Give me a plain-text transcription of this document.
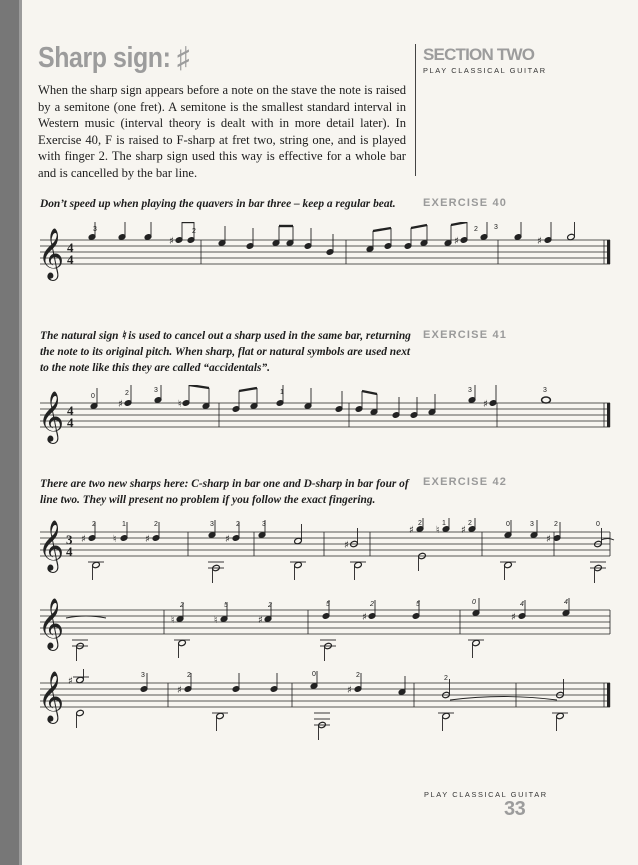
Sharp sign: ♯
When the sharp sign appears before a note on the stave the note is raised by a semitone (one fret). A semitone is the smallest standard interval in Western music (interval theory is dealt with in more detail later). In Exercise 40, F is raised to F-sharp at fret two, string one, and is played with finger 2. The sharp sign used this way is effective for a whole bar and is cancelled by the bar line.
SECTION TWO
PLAY CLASSICAL GUITAR
Don’t speed up when playing the quavers in bar three – keep a regular beat.	EXERCISE 40
𝄞 4
4
♯	♯	♯
3	2	2 3
The natural sign ♮ is used to cancel out a sharp used in the same bar, returning the note to its original pitch. When sharp, flat or natural symbols are used next to the note like this they are called “accidentals”.
EXERCISE 41
𝄞 4
4
♯	♯
♮
0	2	3	1	3	3
There are two new sharps here: C-sharp in bar one and D-sharp in bar four of line two. They will present no problem if you follow the exact fingering.
EXERCISE 42
𝄞 3
4
♯	♯
♮	♯
♯
♯	♯
♮
♯
2	1	2	3	2	3	2	1	2	0	3	2	0
𝄞	♯
♮	♯	♯
♮
2	5	2	5	2	5	0	4	4
𝄞 ♯
♯	♯
3	2	0	2	2
PLAY CLASSICAL GUITAR
33
